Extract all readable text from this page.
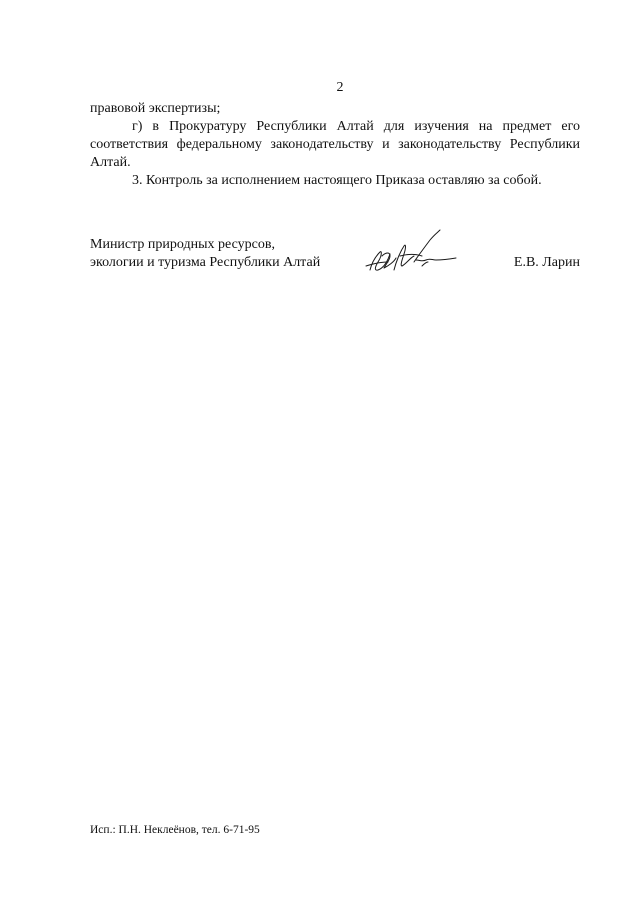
2

правовой экспертизы;

г) в Прокуратуру Республики Алтай для изучения на предмет его соответствия федеральному законодательству и законодательству Республики Алтай.

3. Контроль за исполнением настоящего Приказа оставляю за собой.

Министр природных ресурсов,
экологии и туризма Республики Алтай	Е.В. Ларин
Исп.: П.Н. Неклеёнов, тел. 6-71-95
